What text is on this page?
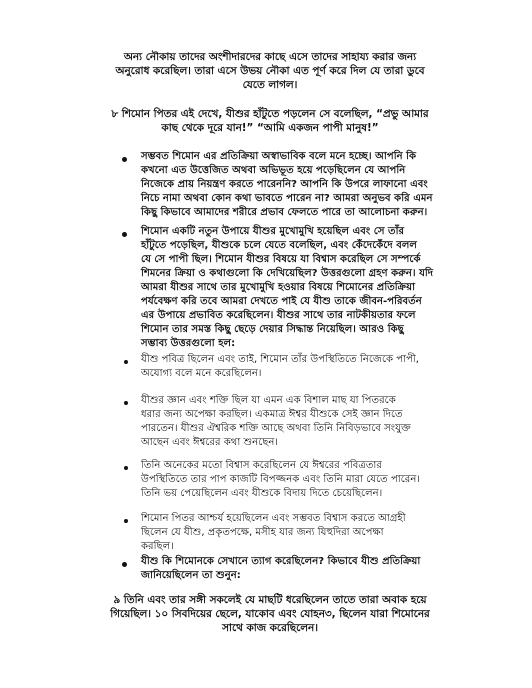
অন্য নৌকায় তাদের অংশীদারদের কাছে এসে তাদের সাহায্য করার জন্য
অনুরোধ করেছিল। তারা এসে উভয় নৌকা এত পূর্ণ করে দিল যে তারা ডুবে
যেতে লাগল।
৮ শিমোন পিতর এই দেখে, যীশুর হাঁটুতে পড়লেন সে বলেছিল, “প্রভু আমার
কাছ থেকে দূরে যান!” “আমি একজন পাপী মানুষ!”
সম্ভবত শিমোন এর প্রতিক্রিয়া অস্বাভাবিক বলে মনে হচ্ছে। আপনি কি
কখনো এত উত্তেজিত অথবা অভিভূত হয়ে পড়েছিলেন যে আপনি
নিজেকে প্রায় নিয়ন্ত্রণ করতে পারেননি? আপনি কি উপরে লাফানো এবং
নিচে নামা অথবা কোন কথা ভাবতে পারেন না? আমরা অনুভব করি এমন
কিছু কিভাবে আমাদের শরীরে প্রভাব ফেলতে পারে তা আলোচনা করুন।
শিমোন একটি নতুন উপায়ে যীশুর মুখোমুখি হয়েছিল এবং সে তাঁর
হাঁটুতে পড়েছিল, যীশুকে চলে যেতে বলেছিল, এবং কেঁদেকেঁদে বলল
যে সে পাপী ছিল। শিমোন যীশুর বিষয়ে যা বিশ্বাস করেছিল সে সম্পর্কে
শিমনের ক্রিয়া ও কথাগুলো কি দেখিয়েছিল? উত্তরগুলো গ্রহণ করুন। যদি
আমরা যীশুর সাথে তার মুখোমুখি হওয়ার বিষয়ে শিমোনের প্রতিক্রিয়া
পর্যবেক্ষণ করি তবে আমরা দেখতে পাই যে যীশু তাকে জীবন-পরিবর্তন
এর উপায়ে প্রভাবিত করেছিলেন। যীশুর সাথে তার নাটকীয়তার ফলে
শিমোন তার সমস্ত কিছু ছেড়ে দেয়ার সিদ্ধান্ত নিয়েছিল। আরও কিছু
সম্ভাব্য উত্তরগুলো হল:
যীশু পবিত্র ছিলেন এবং তাই, শিমোন তাঁর উপস্থিতিতে নিজেকে পাপী,
অযোগ্য বলে মনে করেছিলেন।
যীশুর জ্ঞান এবং শক্তি ছিল যা এমন এক বিশাল মাছ যা পিতরকে
ধরার জন্য অপেক্ষা করছিল। একমাত্র ঈশ্বর যীশুকে সেই জ্ঞান দিতে
পারতেন। যীশুর ঐশ্বরিক শক্তি আছে অথবা তিনি নিবিড়ভাবে সংযুক্ত
আছেন এবং ঈশ্বরের কথা শুনছেন।
তিনি অনেকের মতো বিশ্বাস করেছিলেন যে ঈশ্বরের পবিত্রতার
উপস্থিতিতে তার পাপ কাজটি বিপজ্জনক এবং তিনি মারা যেতে পারেন।
তিনি ভয় পেয়েছিলেন এবং যীশুকে বিদায় দিতে চেয়েছিলেন।
শিমোন পিতর আশ্চর্য হয়েছিলেন এবং সম্ভবত বিশ্বাস করতে আগ্রহী
ছিলেন যে যীশু, প্রকৃতপক্ষে, মসীহ যার জন্য যিহুদিরা অপেক্ষা
করছিল।
যীশু কি শিমোনকে সেখানে ত্যাগ করেছিলেন? কিভাবে যীশু প্রতিক্রিয়া
জানিয়েছিলেন তা শুনুন:
৯ তিনি এবং তার সঙ্গী সকলেই যে মাছটি ধরেছিলেন তাতে তারা অবাক হয়ে
গিয়েছিল। ১০ সিবদিয়ের ছেলে, যাকোব এবং যোহন৩, ছিলেন যারা শিমোনের
সাথে কাজ করেছিলেন।
